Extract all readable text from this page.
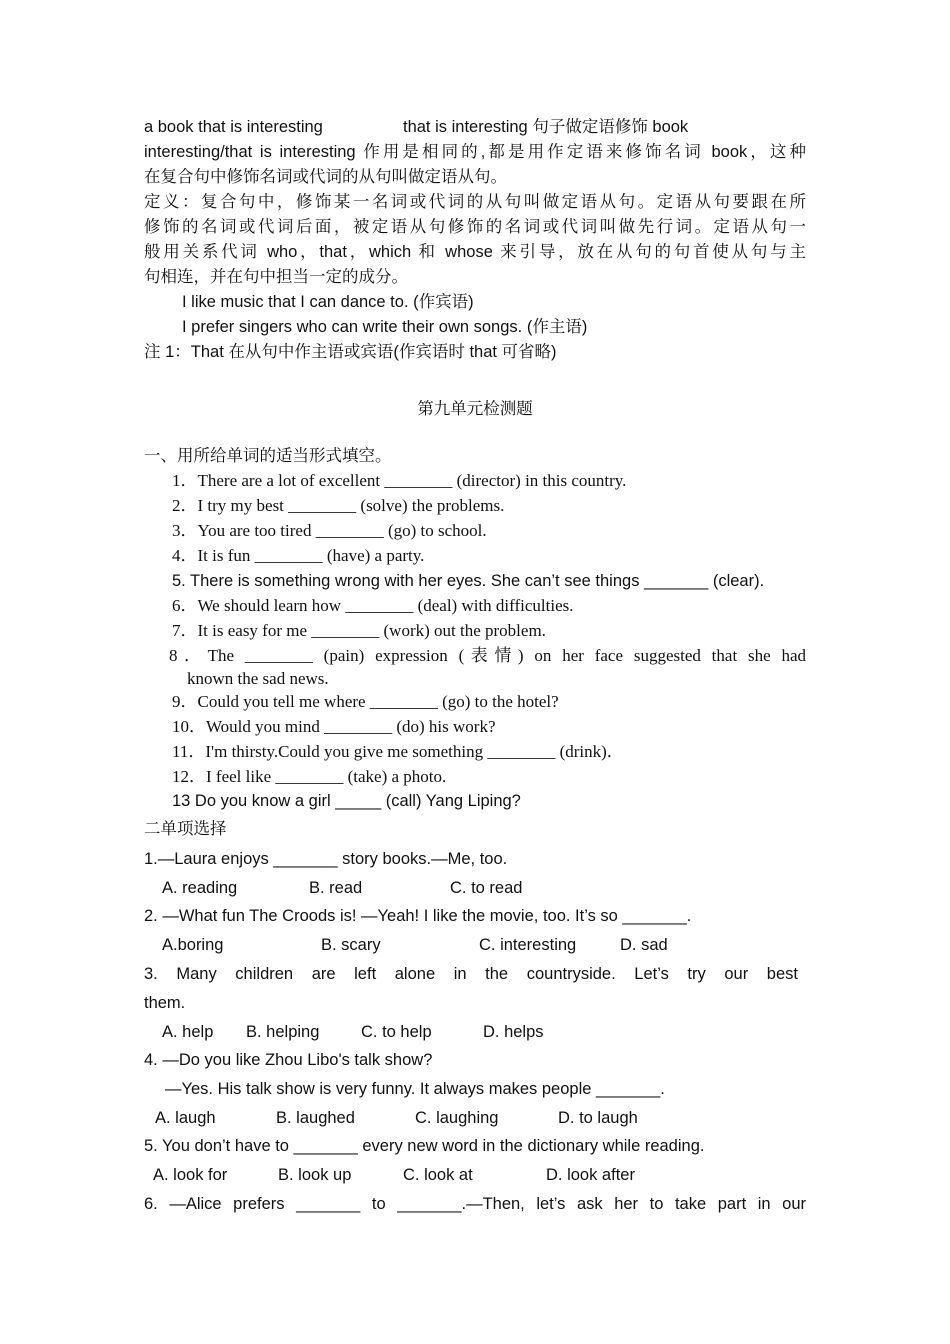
a book that is interesting	that is interesting 句子做定语修饰 book
interesting/that is interesting 作用是相同的,都是用作定语来修饰名词 book，这种
在复合句中修饰名词或代词的从句叫做定语从句。
定义：复合句中，修饰某一名词或代词的从句叫做定语从句。定语从句要跟在所
修饰的名词或代词后面，被定语从句修饰的名词或代词叫做先行词。定语从句一
般用关系代词 who，that，which 和 whose 来引导，放在从句的句首使从句与主
句相连，并在句中担当一定的成分。
I like music that I can dance to. (作宾语)
I prefer singers who can write their own songs. (作主语)
注 1：That 在从句中作主语或宾语(作宾语时 that 可省略)
第九单元检测题
一、用所给单词的适当形式填空。
1．There are a lot of excellent ________ (director) in this country.
2．I try my best ________ (solve) the problems.
3．You are too tired ________ (go) to school.
4．It is fun ________ (have) a party.
5. There is something wrong with her eyes. She can’t see things _______ (clear).
6．We should learn how ________ (deal) with difficulties.
7．It is easy for me ________ (work) out the problem.
8．The ________ (pain) expression (表情) on her face suggested that she had
known the sad news.
9．Could you tell me where ________ (go) to the hotel?
10．Would you mind ________ (do) his work?
11．I'm thirsty.Could you give me something ________ (drink)．
12．I feel like ________ (take) a photo.
13 Do you know a girl _____ (call) Yang Liping?
二单项选择
1.—Laura enjoys _______ story books.—Me, too.
A. reading	B. read	C. to read
2. —What fun The Croods is! —Yeah! I like the movie, too. It’s so _______.
A.boring	B. scary	C. interesting	D. sad
3. Many children are left alone in the countryside. Let’s try our best
them.
A. help B. helping	C. to help	D. helps
4. —Do you like Zhou Libo's talk show?
—Yes. His talk show is very funny. It always makes people _______.
A. laugh	B. laughed	C. laughing	D. to laugh
5. You don’t have to _______ every new word in the dictionary while reading.
A. look for	B. look up	C. look at	D. look after
6. —Alice prefers _______ to _______.—Then, let’s ask her to take part in our
